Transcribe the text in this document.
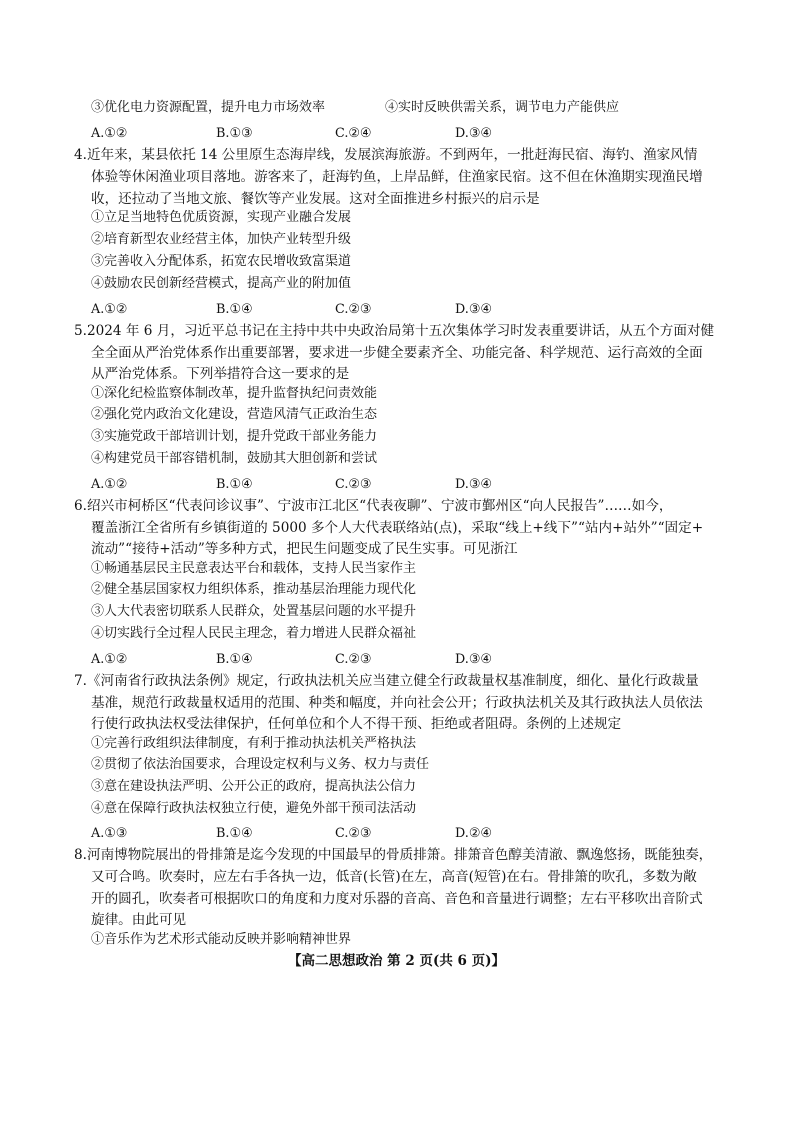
③优化电力资源配置，提升电力市场效率	④实时反映供需关系，调节电力产能供应
A.①②	B.①③	C.②④	D.③④
4.近年来，某县依托 14 公里原生态海岸线，发展滨海旅游。不到两年，一批赶海民宿、海钓、渔家风情
体验等休闲渔业项目落地。游客来了，赶海钓鱼，上岸品鲜，住渔家民宿。这不但在休渔期实现渔民增
收，还拉动了当地文旅、餐饮等产业发展。这对全面推进乡村振兴的启示是
①立足当地特色优质资源，实现产业融合发展
②培育新型农业经营主体，加快产业转型升级
③完善收入分配体系，拓宽农民增收致富渠道
④鼓励农民创新经营模式，提高产业的附加值
A.①②	B.①④	C.②③	D.③④
5.2024 年 6 月，习近平总书记在主持中共中央政治局第十五次集体学习时发表重要讲话，从五个方面对健
全全面从严治党体系作出重要部署，要求进一步健全要素齐全、功能完备、科学规范、运行高效的全面
从严治党体系。下列举措符合这一要求的是
①深化纪检监察体制改革，提升监督执纪问责效能
②强化党内政治文化建设，营造风清气正政治生态
③实施党政干部培训计划，提升党政干部业务能力
④构建党员干部容错机制，鼓励其大胆创新和尝试
A.①②	B.①④	C.②③	D.③④
6.绍兴市柯桥区“代表问诊议事”、宁波市江北区“代表夜聊”、宁波市鄞州区“向人民报告”……如今，
覆盖浙江全省所有乡镇街道的 5000 多个人大代表联络站(点)，采取“线上+线下”“站内+站外”“固定+
流动”“接待+活动”等多种方式，把民生问题变成了民生实事。可见浙江
①畅通基层民主民意表达平台和载体，支持人民当家作主
②健全基层国家权力组织体系，推动基层治理能力现代化
③人大代表密切联系人民群众，处置基层问题的水平提升
④切实践行全过程人民民主理念，着力增进人民群众福祉
A.①②	B.①④	C.②③	D.③④
7.《河南省行政执法条例》规定，行政执法机关应当建立健全行政裁量权基准制度，细化、量化行政裁量
基准，规范行政裁量权适用的范围、种类和幅度，并向社会公开；行政执法机关及其行政执法人员依法
行使行政执法权受法律保护，任何单位和个人不得干预、拒绝或者阻碍。条例的上述规定
①完善行政组织法律制度，有利于推动执法机关严格执法
②贯彻了依法治国要求，合理设定权利与义务、权力与责任
③意在建设执法严明、公开公正的政府，提高执法公信力
④意在保障行政执法权独立行使，避免外部干预司法活动
A.①③	B.①④	C.②③	D.②④
8.河南博物院展出的骨排箫是迄今发现的中国最早的骨质排箫。排箫音色醇美清澈、飘逸悠扬，既能独奏，
又可合鸣。吹奏时，应左右手各执一边，低音(长管)在左，高音(短管)在右。骨排箫的吹孔，多数为敞
开的圆孔，吹奏者可根据吹口的角度和力度对乐器的音高、音色和音量进行调整；左右平移吹出音阶式
旋律。由此可见
①音乐作为艺术形式能动反映并影响精神世界
【高二思想政治 第 2 页(共 6 页)】
